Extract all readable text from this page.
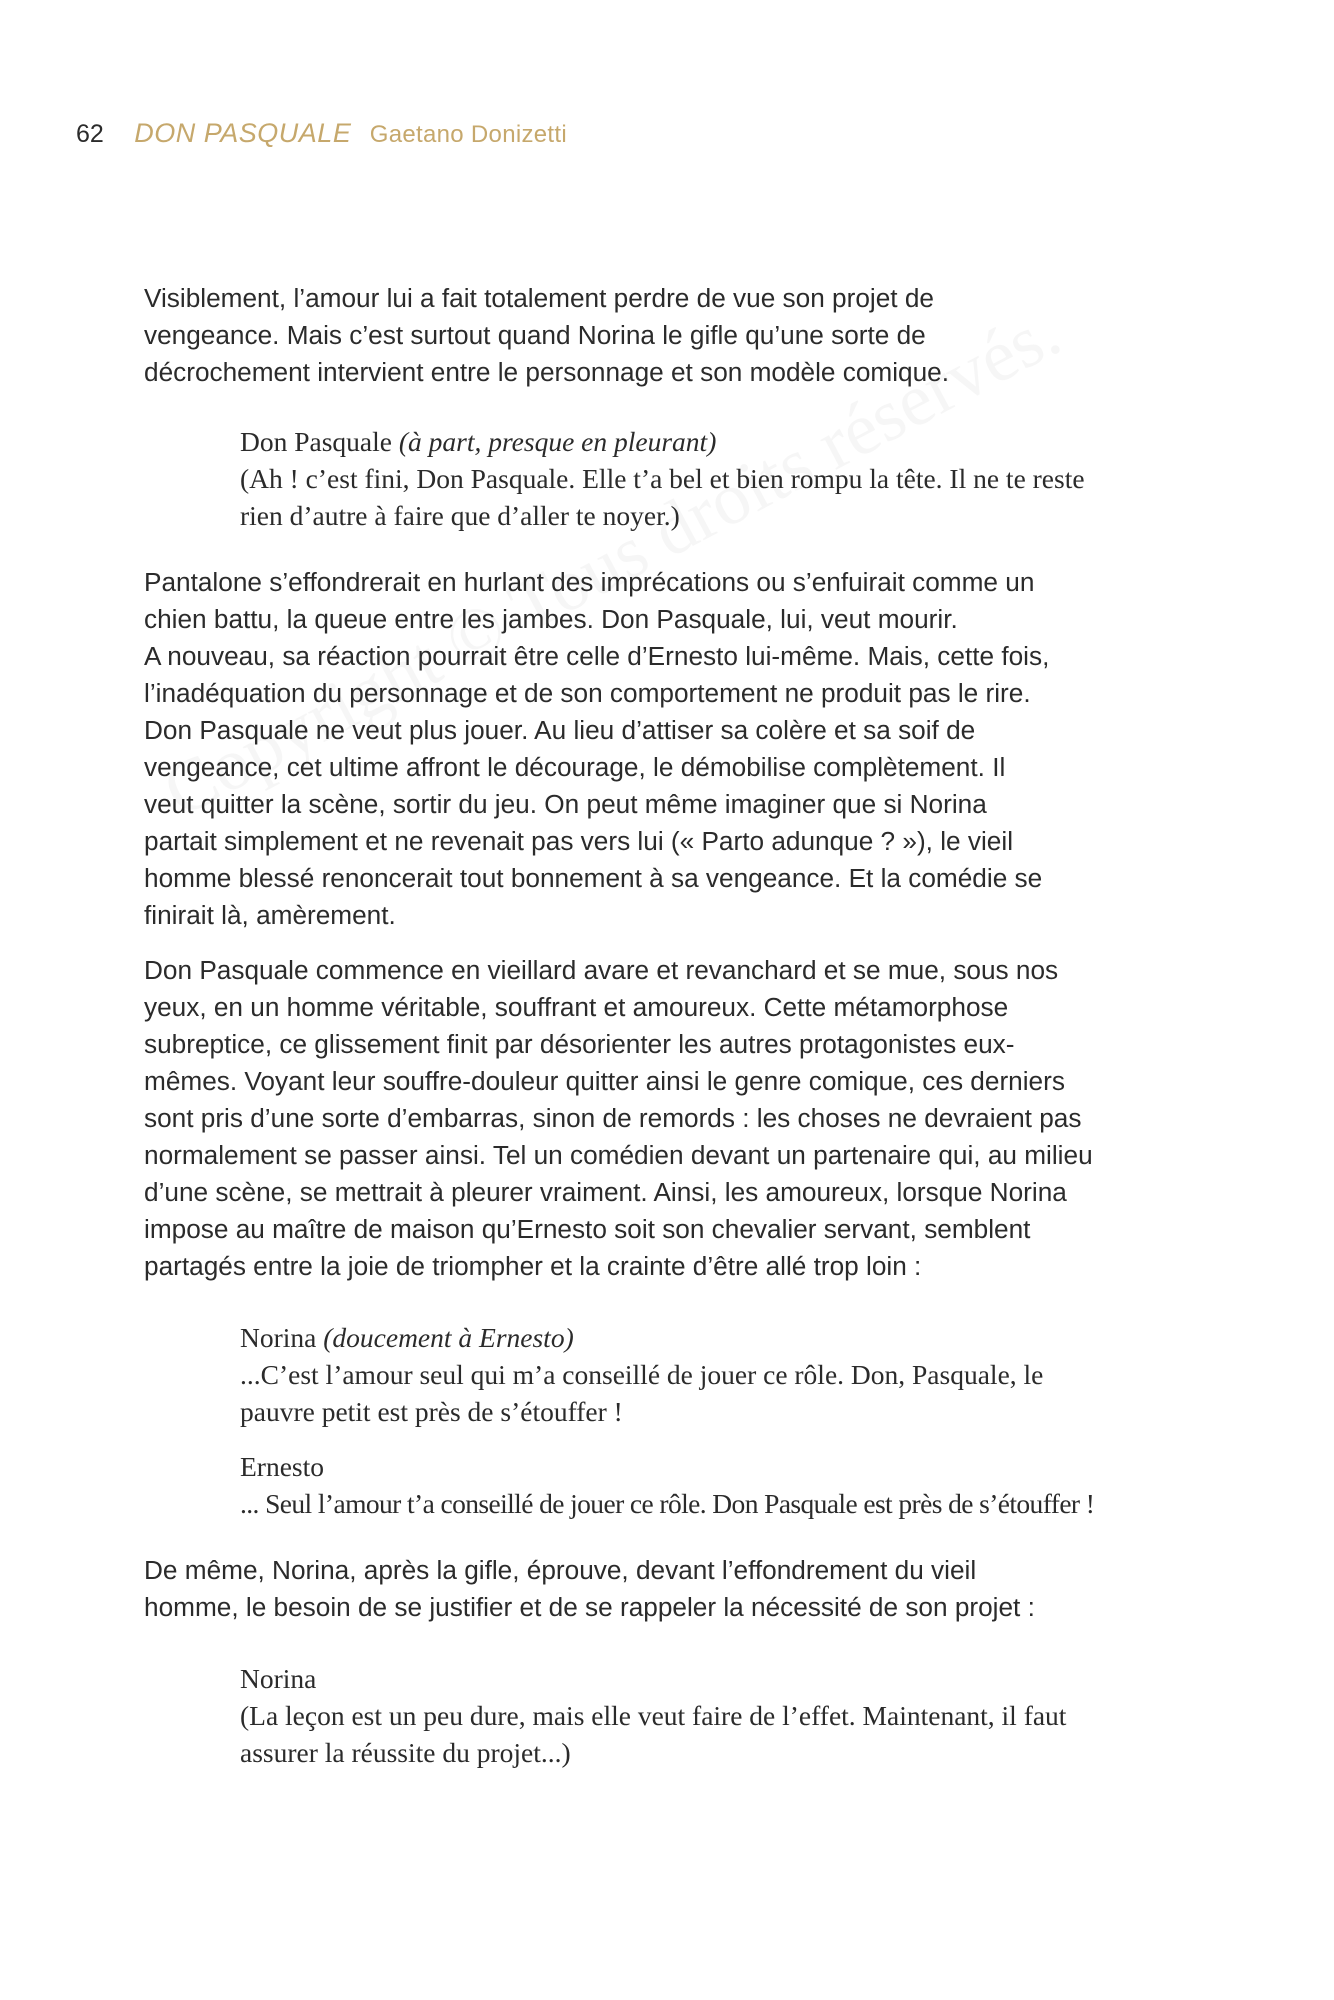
62 DON PASQUALE Gaetano Donizetti

Visiblement, l’amour lui a fait totalement perdre de vue son projet de
vengeance. Mais c’est surtout quand Norina le gifle qu’une sorte de
décrochement intervient entre le personnage et son modèle comique.

Don Pasquale (à part, presque en pleurant)
(Ah ! c’est fini, Don Pasquale. Elle t’a bel et bien rompu la tête. Il ne te reste
rien d’autre à faire que d’aller te noyer.)

Pantalone s’effondrerait en hurlant des imprécations ou s’enfuirait comme un
chien battu, la queue entre les jambes. Don Pasquale, lui, veut mourir.
A nouveau, sa réaction pourrait être celle d’Ernesto lui-même. Mais, cette fois,
l’inadéquation du personnage et de son comportement ne produit pas le rire.
Don Pasquale ne veut plus jouer. Au lieu d’attiser sa colère et sa soif de
vengeance, cet ultime affront le décourage, le démobilise complètement. Il
veut quitter la scène, sortir du jeu. On peut même imaginer que si Norina
partait simplement et ne revenait pas vers lui (« Parto adunque ? »), le vieil
homme blessé renoncerait tout bonnement à sa vengeance. Et la comédie se
finirait là, amèrement.

Don Pasquale commence en vieillard avare et revanchard et se mue, sous nos
yeux, en un homme véritable, souffrant et amoureux. Cette métamorphose
subreptice, ce glissement finit par désorienter les autres protagonistes eux-
mêmes. Voyant leur souffre-douleur quitter ainsi le genre comique, ces derniers
sont pris d’une sorte d’embarras, sinon de remords : les choses ne devraient pas
normalement se passer ainsi. Tel un comédien devant un partenaire qui, au milieu
d’une scène, se mettrait à pleurer vraiment. Ainsi, les amoureux, lorsque Norina
impose au maître de maison qu’Ernesto soit son chevalier servant, semblent
partagés entre la joie de triompher et la crainte d’être allé trop loin :

Norina (doucement à Ernesto)
...C’est l’amour seul qui m’a conseillé de jouer ce rôle. Don, Pasquale, le
pauvre petit est près de s’étouffer !
Ernesto
... Seul l’amour t’a conseillé de jouer ce rôle. Don Pasquale est près de s’étouffer !

De même, Norina, après la gifle, éprouve, devant l’effondrement du vieil
homme, le besoin de se justifier et de se rappeler la nécessité de son projet :

Norina
(La leçon est un peu dure, mais elle veut faire de l’effet. Maintenant, il faut
assurer la réussite du projet...)
